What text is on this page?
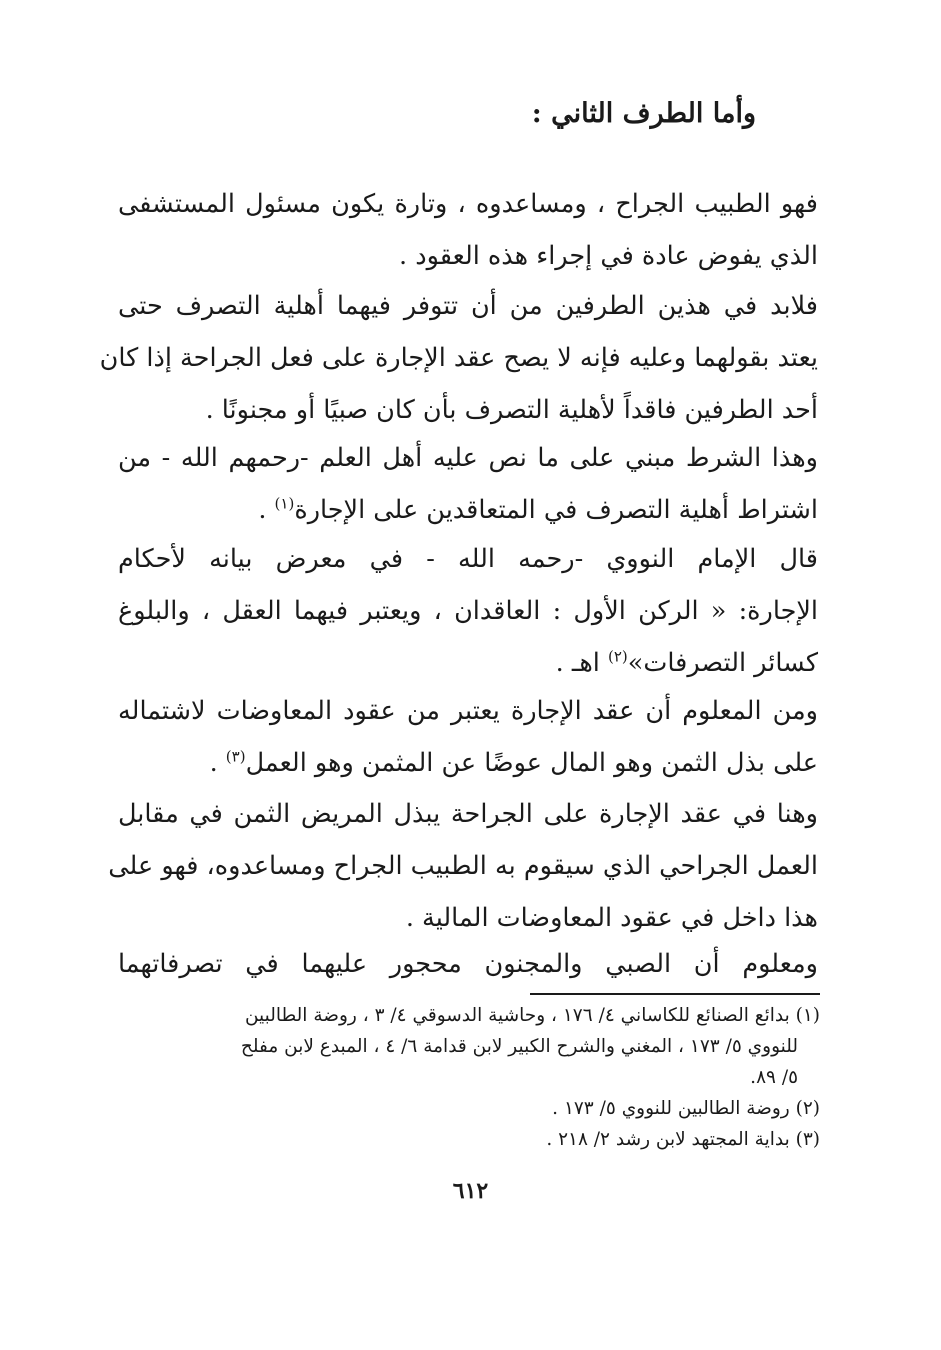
وأما الطرف الثاني :
فهو الطبيب الجراح ، ومساعدوه ، وتارة يكون مسئول المستشفى
الذي يفوض عادة في إجراء هذه العقود .
فلابد في هذين الطرفين من أن تتوفر فيهما أهلية التصرف حتى
يعتد بقولهما وعليه فإنه لا يصح عقد الإجارة على فعل الجراحة إذا كان
أحد الطرفين فاقداً لأهلية التصرف بأن كان صبيًا أو مجنونًا .
وهذا الشرط مبني على ما نص عليه أهل العلم -رحمهم الله - من
اشتراط أهلية التصرف في المتعاقدين على الإجارة$^{(١)}$ .
قال الإمام النووي -رحمه الله - في معرض بيانه لأحكام
الإجارة: « الركن الأول : العاقدان ، ويعتبر فيهما العقل ، والبلوغ
كسائر التصرفات»$^{(٢)}$ اهـ .
ومن المعلوم أن عقد الإجارة يعتبر من عقود المعاوضات لاشتماله
على بذل الثمن وهو المال عوضًا عن المثمن وهو العمل$^{(٣)}$ .
وهنا في عقد الإجارة على الجراحة يبذل المريض الثمن في مقابل
العمل الجراحي الذي سيقوم به الطبيب الجراح ومساعدوه، فهو على
هذا داخل في عقود المعاوضات المالية .
ومعلوم أن الصبي والمجنون محجور عليهما في تصرفاتهما
(١) بدائع الصنائع للكاساني ٤/ ١٧٦ ، وحاشية الدسوقي ٤/ ٣ ، روضة الطالبين
للنووي ٥/ ١٧٣ ، المغني والشرح الكبير لابن قدامة ٦/ ٤ ، المبدع لابن مفلح
٥/ ٨٩.
(٢) روضة الطالبين للنووي ٥/ ١٧٣ .
(٣) بداية المجتهد لابن رشد ٢/ ٢١٨ .
٦١٢
